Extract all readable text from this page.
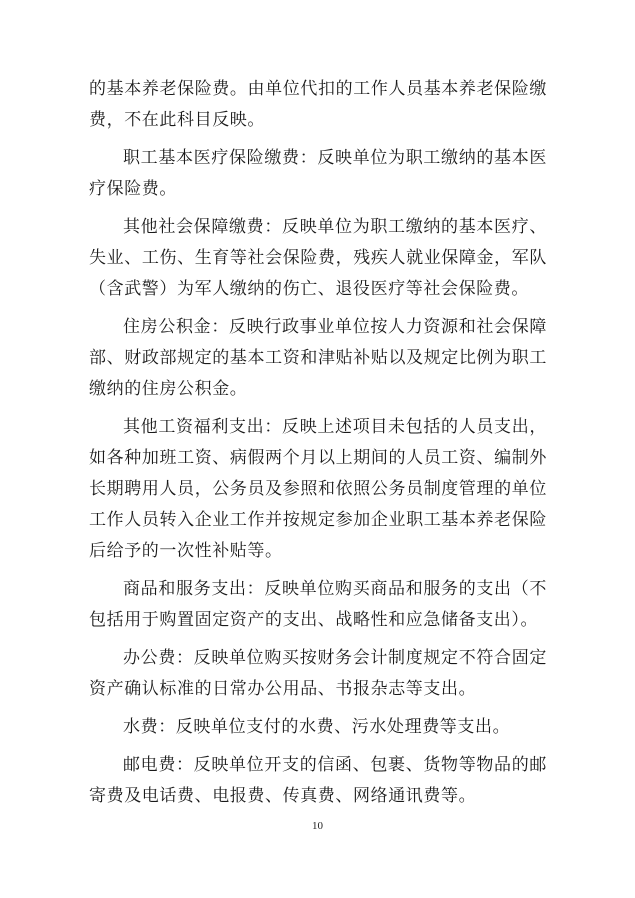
的基本养老保险费。由单位代扣的工作人员基本养老保险缴费，不在此科目反映。

职工基本医疗保险缴费：反映单位为职工缴纳的基本医疗保险费。

其他社会保障缴费：反映单位为职工缴纳的基本医疗、失业、工伤、生育等社会保险费，残疾人就业保障金，军队（含武警）为军人缴纳的伤亡、退役医疗等社会保险费。

住房公积金：反映行政事业单位按人力资源和社会保障部、财政部规定的基本工资和津贴补贴以及规定比例为职工缴纳的住房公积金。

其他工资福利支出：反映上述项目未包括的人员支出，如各种加班工资、病假两个月以上期间的人员工资、编制外长期聘用人员，公务员及参照和依照公务员制度管理的单位工作人员转入企业工作并按规定参加企业职工基本养老保险后给予的一次性补贴等。

商品和服务支出：反映单位购买商品和服务的支出（不包括用于购置固定资产的支出、战略性和应急储备支出）。

办公费：反映单位购买按财务会计制度规定不符合固定资产确认标准的日常办公用品、书报杂志等支出。

水费：反映单位支付的水费、污水处理费等支出。

邮电费：反映单位开支的信函、包裹、货物等物品的邮寄费及电话费、电报费、传真费、网络通讯费等。

10
